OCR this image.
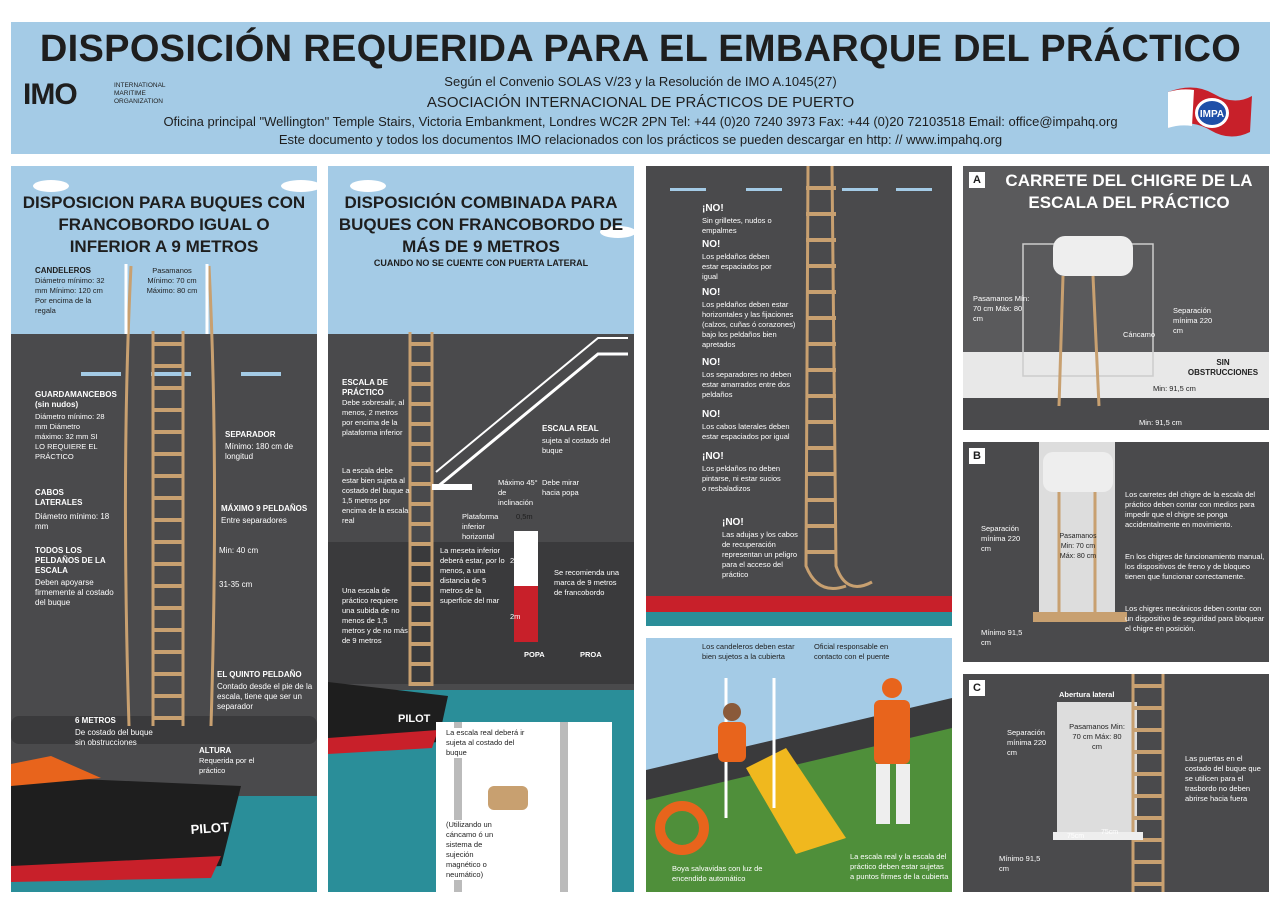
DISPOSICIÓN REQUERIDA PARA EL EMBARQUE DEL PRÁCTICO
IMO	INTERNATIONAL MARITIME ORGANIZATION
Según el Convenio SOLAS V/23 y la Resolución de IMO A.1045(27)
ASOCIACIÓN INTERNACIONAL DE PRÁCTICOS DE PUERTO
Oficina principal "Wellington" Temple Stairs, Victoria Embankment, Londres WC2R 2PN Tel: +44 (0)20 7240 3973 Fax: +44 (0)20 72103518 Email: office@impahq.org
Este documento y todos los documentos IMO relacionados con los prácticos se pueden descargar en http: // www.impahq.org
IMPA
PILOT
DISPOSICION PARA BUQUES CON FRANCOBORDO IGUAL O INFERIOR A 9 METROS
CANDELEROS
Diámetro mínimo: 32 mm Mínimo: 120 cm Por encima de la regala
Pasamanos Mínimo: 70 cm Máximo: 80 cm
GUARDAMANCEBOS (sin nudos)
Diámetro mínimo: 28 mm Diámetro máximo: 32 mm SI LO REQUIERE EL PRÁCTICO
SEPARADOR
Mínimo: 180 cm de longitud
CABOS LATERALES
Diámetro mínimo: 18 mm
MÁXIMO 9 PELDAÑOS
Entre separadores
TODOS LOS PELDAÑOS DE LA ESCALA
Deben apoyarse firmemente al costado del buque
Min: 40 cm
31-35 cm
EL QUINTO PELDAÑO
Contado desde el pie de la escala, tiene que ser un separador
6 METROS
De costado del buque sin obstrucciones
ALTURA
Requerida por el práctico
PILOT
DISPOSICIÓN COMBINADA PARA BUQUES CON FRANCOBORDO DE MÁS DE 9 METROS
CUANDO NO SE CUENTE CON PUERTA LATERAL
ESCALA DE PRÁCTICO
Debe sobresalir, al menos, 2 metros por encima de la plataforma inferior
La escala debe estar bien sujeta al costado del buque a 1,5 metros por encima de la escala real
Una escala de práctico requiere una subida de no menos de 1,5 metros y de no más de 9 metros
ESCALA REAL
sujeta al costado del buque
Máximo 45° de inclinación
Debe mirar hacia popa
Plataforma inferior horizontal
La meseta inferior deberá estar, por lo menos, a una distancia de 5 metros de la superficie del mar
0,5m
2m
2m
Se recomienda una marca de 9 metros de francobordo
POPA	PROA
La escala real deberá ir sujeta al costado del buque
(Utilizando un cáncamo ó un sistema de sujeción magnético o neumático)
¡NO!
Sin grilletes, nudos o empalmes
NO!
Los peldaños deben estar espaciados por igual
NO!
Los peldaños deben estar horizontales y las fijaciones (calzos, cuñas ó corazones) bajo los peldaños bien apretados
NO!
Los separadores no deben estar amarrados entre dos peldaños
NO!
Los cabos laterales deben estar espaciados por igual
¡NO!
Los peldaños no deben pintarse, ni estar sucios o resbaladizos
¡NO!
Las adujas y los cabos de recuperación representan un peligro para el acceso del práctico
Los candeleros deben estar bien sujetos a la cubierta
Oficial responsable en contacto con el puente
Boya salvavidas con luz de encendido automático
La escala real y la escala del práctico deben estar sujetas a puntos firmes de la cubierta
A	CARRETE DEL CHIGRE DE LA ESCALA DEL PRÁCTICO
Pasamanos Mín: 70 cm Máx: 80 cm
Separación mínima 220 cm
Cáncamo
SIN OBSTRUCCIONES
Min: 91,5 cm
Min: 91,5 cm
B
Separación mínima 220 cm
Pasamanos Min: 70 cm Máx: 80 cm
Mínimo 91,5 cm
Los carretes del chigre de la escala del práctico deben contar con medios para impedir que el chigre se ponga accidentalmente en movimiento.
En los chigres de funcionamiento manual, los dispositivos de freno y de bloqueo tienen que funcionar correctamente.
Los chigres mecánicos deben contar con un dispositivo de seguridad para bloquear el chigre en posición.
C
Abertura lateral
Separación mínima 220 cm
Pasamanos Min: 70 cm Máx: 80 cm
75cm
75cm
Mínimo 91,5 cm
Las puertas en el costado del buque que se utilicen para el trasbordo no deben abrirse hacia fuera
